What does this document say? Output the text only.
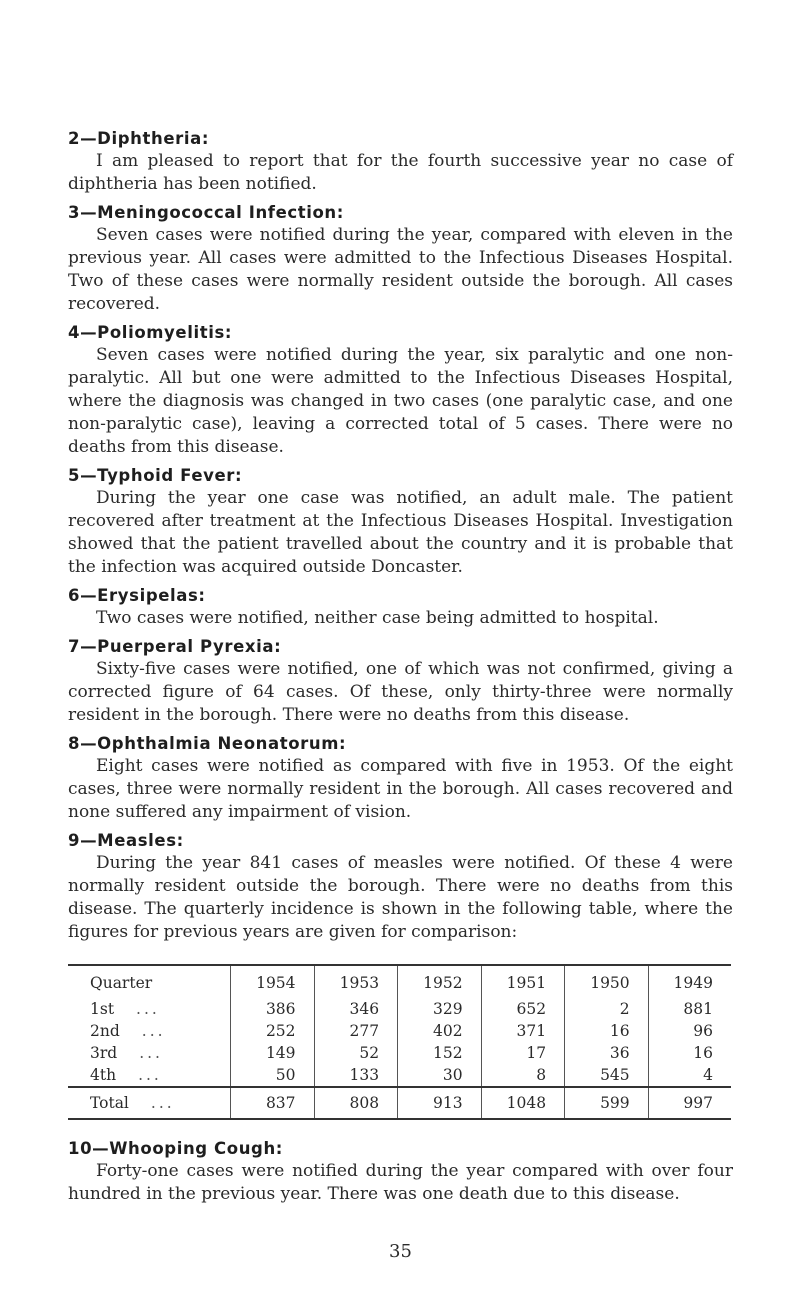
2—Diphtheria:

I am pleased to report that for the fourth successive year no case of diphtheria has been notified.

3—Meningococcal Infection:

Seven cases were notified during the year, compared with eleven in the previous year. All cases were admitted to the Infectious Diseases Hospital. Two of these cases were normally resident outside the borough. All cases recovered.

4—Poliomyelitis:

Seven cases were notified during the year, six paralytic and one non-paralytic. All but one were admitted to the Infectious Diseases Hospital, where the diagnosis was changed in two cases (one paralytic case, and one non-paralytic case), leaving a corrected total of 5 cases. There were no deaths from this disease.

5—Typhoid Fever:

During the year one case was notified, an adult male. The patient recovered after treatment at the Infectious Diseases Hospital. Investigation showed that the patient travelled about the country and it is probable that the infection was acquired outside Doncaster.

6—Erysipelas:

Two cases were notified, neither case being admitted to hospital.

7—Puerperal Pyrexia:

Sixty-five cases were notified, one of which was not confirmed, giving a corrected figure of 64 cases. Of these, only thirty-three were normally resident in the borough. There were no deaths from this disease.

8—Ophthalmia Neonatorum:

Eight cases were notified as compared with five in 1953. Of the eight cases, three were normally resident in the borough. All cases recovered and none suffered any impairment of vision.

9—Measles:

During the year 841 cases of measles were notified. Of these 4 were normally resident outside the borough. There were no deaths from this disease. The quarterly incidence is shown in the following table, where the figures for previous years are given for comparison:

Quarter	1954	1953	1952	1951	1950	1949
1st ...	386	346	329	652	2	881
2nd ...	252	277	402	371	16	96
3rd ...	149	52	152	17	36	16
4th ...	50	133	30	8	545	4
Total ...	837	808	913	1048	599	997

10—Whooping Cough:

Forty-one cases were notified during the year compared with over four hundred in the previous year. There was one death due to this disease.

35
